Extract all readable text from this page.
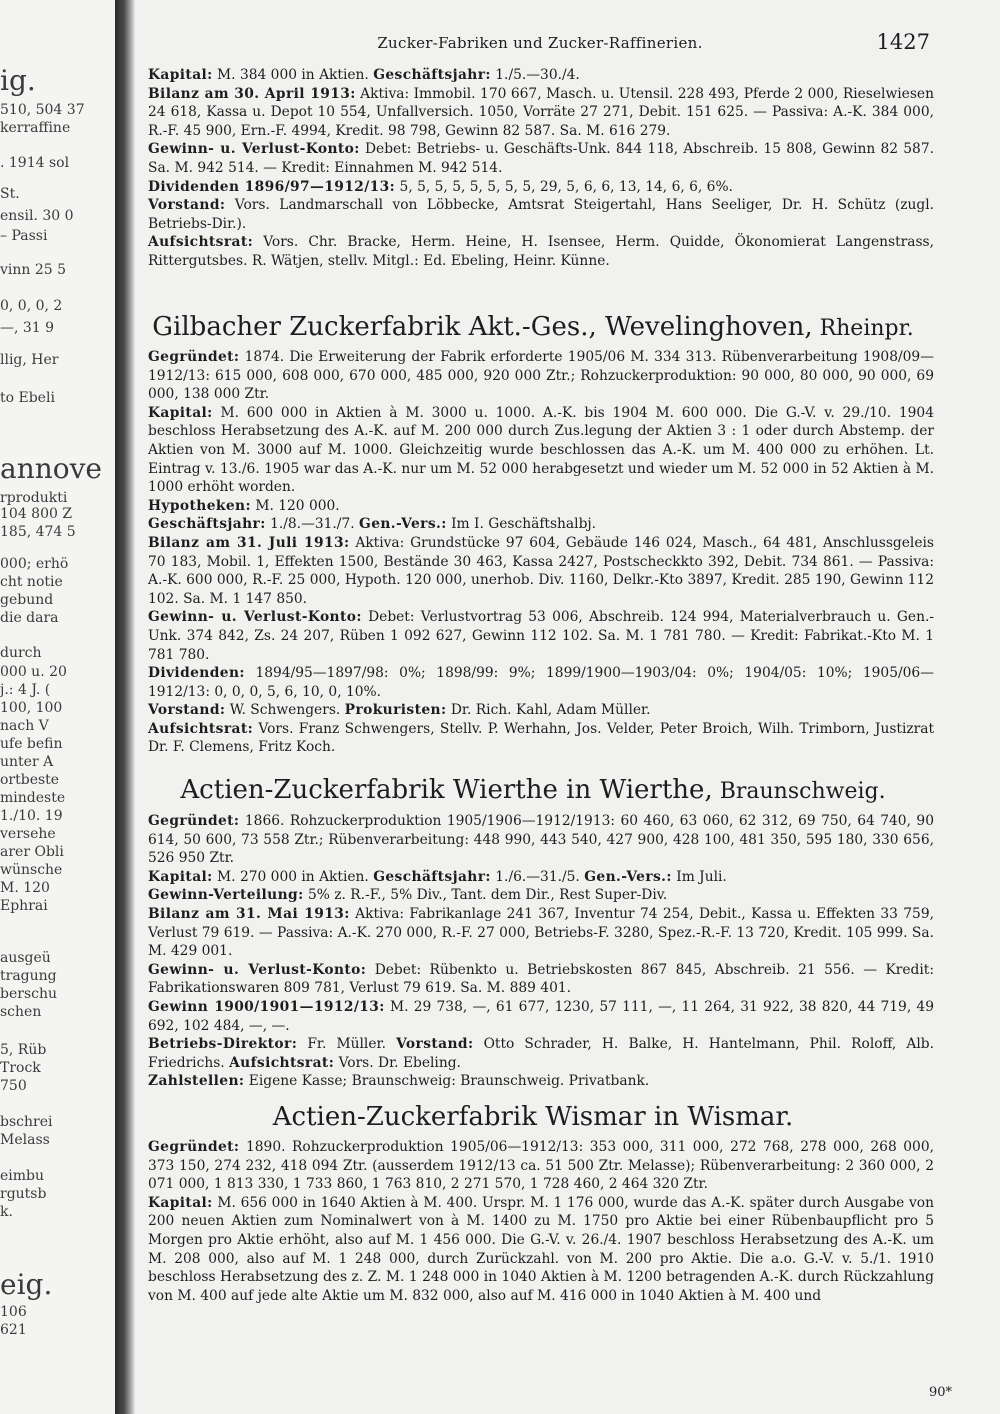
ig.
510, 504 37
kerraffine
. 1914 sol
St.
ensil. 30 0
– Passi
vinn 25 5
0, 0, 0, 2
—, 31 9
llig, Her
to Ebeli
annove
rprodukti
104 800 Z
185, 474 5
000; erhö
cht notie
gebund
die dara
durch
000 u. 20
j.: 4 J. (
100, 100
nach V
ufe befin
unter A
ortbeste
mindeste
1./10. 19
versehe
arer Obli
wünsche
M. 120
Ephrai
ausgeü
tragung
berschu
schen
5, Rüb
Trock
750
bschrei
Melass
eimbu
rgutsb
k.
eig.
106
621
Zucker-Fabriken und Zucker-Raffinerien.	1427

Kapital: M. 384 000 in Aktien. Geschäftsjahr: 1./5.—30./4.

Bilanz am 30. April 1913: Aktiva: Immobil. 170 667, Masch. u. Utensil. 228 493, Pferde 2 000, Rieselwiesen 24 618, Kassa u. Depot 10 554, Unfallversich. 1050, Vorräte 27 271, Debit. 151 625. — Passiva: A.-K. 384 000, R.-F. 45 900, Ern.-F. 4994, Kredit. 98 798, Gewinn 82 587. Sa. M. 616 279.

Gewinn- u. Verlust-Konto: Debet: Betriebs- u. Geschäfts-Unk. 844 118, Abschreib. 15 808, Gewinn 82 587. Sa. M. 942 514. — Kredit: Einnahmen M. 942 514.

Dividenden 1896/97—1912/13: 5, 5, 5, 5, 5, 5, 5, 5, 29, 5, 6, 6, 13, 14, 6, 6, 6%.

Vorstand: Vors. Landmarschall von Löbbecke, Amtsrat Steigertahl, Hans Seeliger, Dr. H. Schütz (zugl. Betriebs-Dir.).

Aufsichtsrat: Vors. Chr. Bracke, Herm. Heine, H. Isensee, Herm. Quidde, Ökonomierat Langenstrass, Rittergutsbes. R. Wätjen, stellv. Mitgl.: Ed. Ebeling, Heinr. Künne.

Gilbacher Zuckerfabrik Akt.-Ges., Wevelinghoven, Rheinpr.

Gegründet: 1874. Die Erweiterung der Fabrik erforderte 1905/06 M. 334 313. Rübenverarbeitung 1908/09—1912/13: 615 000, 608 000, 670 000, 485 000, 920 000 Ztr.; Rohzuckerproduktion: 90 000, 80 000, 90 000, 69 000, 138 000 Ztr.

Kapital: M. 600 000 in Aktien à M. 3000 u. 1000. A.-K. bis 1904 M. 600 000. Die G.-V. v. 29./10. 1904 beschloss Herabsetzung des A.-K. auf M. 200 000 durch Zus.legung der Aktien 3 : 1 oder durch Abstemp. der Aktien von M. 3000 auf M. 1000. Gleichzeitig wurde beschlossen das A.-K. um M. 400 000 zu erhöhen. Lt. Eintrag v. 13./6. 1905 war das A.-K. nur um M. 52 000 herabgesetzt und wieder um M. 52 000 in 52 Aktien à M. 1000 erhöht worden.

Hypotheken: M. 120 000.

Geschäftsjahr: 1./8.—31./7. Gen.-Vers.: Im I. Geschäftshalbj.

Bilanz am 31. Juli 1913: Aktiva: Grundstücke 97 604, Gebäude 146 024, Masch., 64 481, Anschlussgeleis 70 183, Mobil. 1, Effekten 1500, Bestände 30 463, Kassa 2427, Postscheckkto 392, Debit. 734 861. — Passiva: A.-K. 600 000, R.-F. 25 000, Hypoth. 120 000, unerhob. Div. 1160, Delkr.-Kto 3897, Kredit. 285 190, Gewinn 112 102. Sa. M. 1 147 850.

Gewinn- u. Verlust-Konto: Debet: Verlustvortrag 53 006, Abschreib. 124 994, Materialverbrauch u. Gen.-Unk. 374 842, Zs. 24 207, Rüben 1 092 627, Gewinn 112 102. Sa. M. 1 781 780. — Kredit: Fabrikat.-Kto M. 1 781 780.

Dividenden: 1894/95—1897/98: 0%; 1898/99: 9%; 1899/1900—1903/04: 0%; 1904/05: 10%; 1905/06—1912/13: 0, 0, 0, 5, 6, 10, 0, 10%.

Vorstand: W. Schwengers. Prokuristen: Dr. Rich. Kahl, Adam Müller.

Aufsichtsrat: Vors. Franz Schwengers, Stellv. P. Werhahn, Jos. Velder, Peter Broich, Wilh. Trimborn, Justizrat Dr. F. Clemens, Fritz Koch.

Actien-Zuckerfabrik Wierthe in Wierthe, Braunschweig.

Gegründet: 1866. Rohzuckerproduktion 1905/1906—1912/1913: 60 460, 63 060, 62 312, 69 750, 64 740, 90 614, 50 600, 73 558 Ztr.; Rübenverarbeitung: 448 990, 443 540, 427 900, 428 100, 481 350, 595 180, 330 656, 526 950 Ztr.

Kapital: M. 270 000 in Aktien. Geschäftsjahr: 1./6.—31./5. Gen.-Vers.: Im Juli.

Gewinn-Verteilung: 5% z. R.-F., 5% Div., Tant. dem Dir., Rest Super-Div.

Bilanz am 31. Mai 1913: Aktiva: Fabrikanlage 241 367, Inventur 74 254, Debit., Kassa u. Effekten 33 759, Verlust 79 619. — Passiva: A.-K. 270 000, R.-F. 27 000, Betriebs-F. 3280, Spez.-R.-F. 13 720, Kredit. 105 999. Sa. M. 429 001.

Gewinn- u. Verlust-Konto: Debet: Rübenkto u. Betriebskosten 867 845, Abschreib. 21 556. — Kredit: Fabrikationswaren 809 781, Verlust 79 619. Sa. M. 889 401.

Gewinn 1900/1901—1912/13: M. 29 738, —, 61 677, 1230, 57 111, —, 11 264, 31 922, 38 820, 44 719, 49 692, 102 484, —, —.

Betriebs-Direktor: Fr. Müller. Vorstand: Otto Schrader, H. Balke, H. Hantelmann, Phil. Roloff, Alb. Friedrichs. Aufsichtsrat: Vors. Dr. Ebeling.

Zahlstellen: Eigene Kasse; Braunschweig: Braunschweig. Privatbank.

Actien-Zuckerfabrik Wismar in Wismar.

Gegründet: 1890. Rohzuckerproduktion 1905/06—1912/13: 353 000, 311 000, 272 768, 278 000, 268 000, 373 150, 274 232, 418 094 Ztr. (ausserdem 1912/13 ca. 51 500 Ztr. Melasse); Rübenverarbeitung: 2 360 000, 2 071 000, 1 813 330, 1 733 860, 1 763 810, 2 271 570, 1 728 460, 2 464 320 Ztr.

Kapital: M. 656 000 in 1640 Aktien à M. 400. Urspr. M. 1 176 000, wurde das A.-K. später durch Ausgabe von 200 neuen Aktien zum Nominalwert von à M. 1400 zu M. 1750 pro Aktie bei einer Rübenbaupflicht pro 5 Morgen pro Aktie erhöht, also auf M. 1 456 000. Die G.-V. v. 26./4. 1907 beschloss Herabsetzung des A.-K. um M. 208 000, also auf M. 1 248 000, durch Zurückzahl. von M. 200 pro Aktie. Die a.o. G.-V. v. 5./1. 1910 beschloss Herabsetzung des z. Z. M. 1 248 000 in 1040 Aktien à M. 1200 betragenden A.-K. durch Rückzahlung von M. 400 auf jede alte Aktie um M. 832 000, also auf M. 416 000 in 1040 Aktien à M. 400 und

90*
